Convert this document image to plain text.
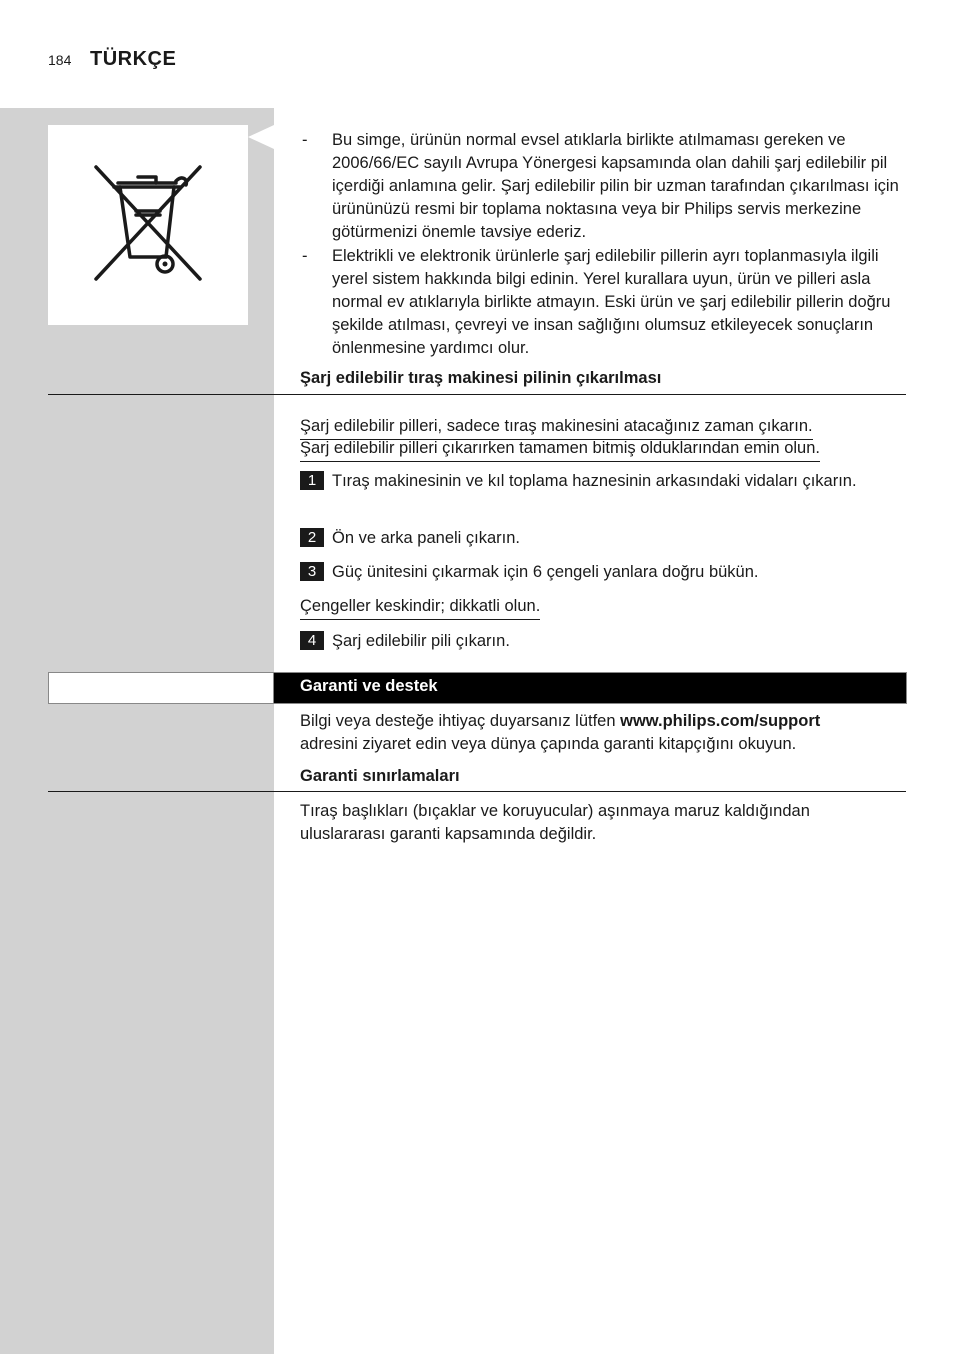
184 TÜRKÇE
- Bu simge, ürünün normal evsel atıklarla birlikte atılmaması gereken ve 2006/66/EC sayılı Avrupa Yönergesi kapsamında olan dahili şarj edilebilir pil içerdiği anlamına gelir. Şarj edilebilir pilin bir uzman tarafından çıkarılması için ürününüzü resmi bir toplama noktasına veya bir Philips servis merkezine götürmenizi önemle tavsiye ederiz.
- Elektrikli ve elektronik ürünlerle şarj edilebilir pillerin ayrı toplanmasıyla ilgili yerel sistem hakkında bilgi edinin. Yerel kurallara uyun, ürün ve pilleri asla normal ev atıklarıyla birlikte atmayın. Eski ürün ve şarj edilebilir pillerin doğru şekilde atılması, çevreyi ve insan sağlığını olumsuz etkileyecek sonuçların önlenmesine yardımcı olur.
Şarj edilebilir tıraş makinesi pilinin çıkarılması
Şarj edilebilir pilleri, sadece tıraş makinesini atacağınız zaman çıkarın.
Şarj edilebilir pilleri çıkarırken tamamen bitmiş olduklarından emin olun.
1 Tıraş makinesinin ve kıl toplama haznesinin arkasındaki vidaları çıkarın.
2 Ön ve arka paneli çıkarın.
3 Güç ünitesini çıkarmak için 6 çengeli yanlara doğru bükün.
Çengeller keskindir; dikkatli olun.
4 Şarj edilebilir pili çıkarın.
Garanti ve destek
Bilgi veya desteğe ihtiyaç duyarsanız lütfen www.philips.com/support
adresini ziyaret edin veya dünya çapında garanti kitapçığını okuyun.
Garanti sınırlamaları
Tıraş başlıkları (bıçaklar ve koruyucular) aşınmaya maruz kaldığından uluslararası garanti kapsamında değildir.
